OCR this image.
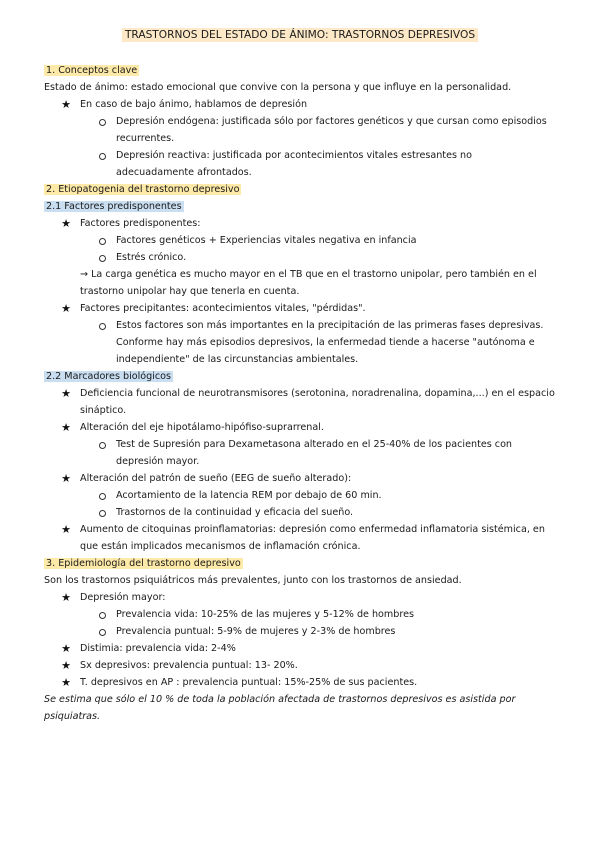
TRASTORNOS DEL ESTADO DE ÁNIMO: TRASTORNOS DEPRESIVOS
1. Conceptos clave
Estado de ánimo: estado emocional que convive con la persona y que influye en la personalidad.
★ En caso de bajo ánimo, hablamos de depresión
Depresión endógena: justificada sólo por factores genéticos y que cursan como episodios
recurrentes.
Depresión reactiva: justificada por acontecimientos vitales estresantes no
adecuadamente afrontados.
2. Etiopatogenia del trastorno depresivo
2.1 Factores predisponentes
★ Factores predisponentes:
Factores genéticos + Experiencias vitales negativa en infancia
Estrés crónico.
→ La carga genética es mucho mayor en el TB que en el trastorno unipolar, pero también en el
trastorno unipolar hay que tenerla en cuenta.
★ Factores precipitantes: acontecimientos vitales, "pérdidas".
Estos factores son más importantes en la precipitación de las primeras fases depresivas.
Conforme hay más episodios depresivos, la enfermedad tiende a hacerse "autónoma e
independiente" de las circunstancias ambientales.
2.2 Marcadores biológicos
★ Deficiencia funcional de neurotransmisores (serotonina, noradrenalina, dopamina,...) en el espacio
sináptico.
★ Alteración del eje hipotálamo-hipófiso-suprarrenal.
Test de Supresión para Dexametasona alterado en el 25-40% de los pacientes con
depresión mayor.
★ Alteración del patrón de sueño (EEG de sueño alterado):
Acortamiento de la latencia REM por debajo de 60 min.
Trastornos de la continuidad y eficacia del sueño.
★ Aumento de citoquinas proinflamatorias: depresión como enfermedad inflamatoria sistémica, en
que están implicados mecanismos de inflamación crónica.
3. Epidemiología del trastorno depresivo
Son los trastornos psiquiátricos más prevalentes, junto con los trastornos de ansiedad.
★ Depresión mayor:
Prevalencia vida: 10-25% de las mujeres y 5-12% de hombres
Prevalencia puntual: 5-9% de mujeres y 2-3% de hombres
★ Distimia: prevalencia vida: 2-4%
★ Sx depresivos: prevalencia puntual: 13- 20%.
★ T. depresivos en AP : prevalencia puntual: 15%-25% de sus pacientes.
Se estima que sólo el 10 % de toda la población afectada de trastornos depresivos es asistida por
psiquiatras.
